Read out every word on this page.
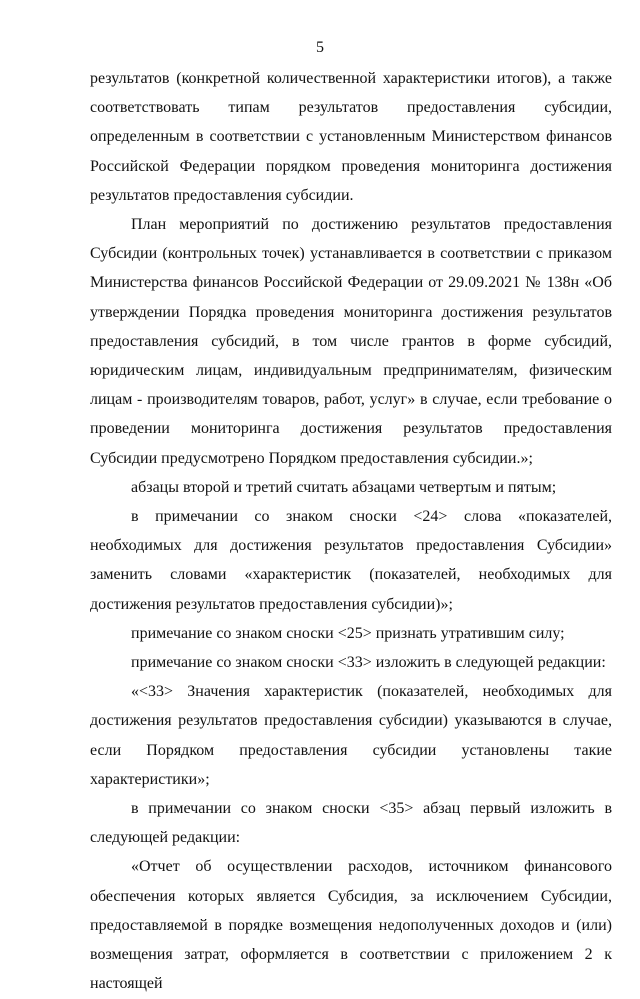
5

результатов (конкретной количественной характеристики итогов), а также соответствовать типам результатов предоставления субсидии, определенным в соответствии с установленным Министерством финансов Российской Федерации порядком проведения мониторинга достижения результатов предоставления субсидии.

План мероприятий по достижению результатов предоставления Субсидии (контрольных точек) устанавливается в соответствии с приказом Министерства финансов Российской Федерации от 29.09.2021 № 138н «Об утверждении Порядка проведения мониторинга достижения результатов предоставления субсидий, в том числе грантов в форме субсидий, юридическим лицам, индивидуальным предпринимателям, физическим лицам - производителям товаров, работ, услуг» в случае, если требование о проведении мониторинга достижения результатов предоставления Субсидии предусмотрено Порядком предоставления субсидии.»;

абзацы второй и третий считать абзацами четвертым и пятым;

в примечании со знаком сноски <24> слова «показателей, необходимых для достижения результатов предоставления Субсидии» заменить словами «характеристик (показателей, необходимых для достижения результатов предоставления субсидии)»;

примечание со знаком сноски <25> признать утратившим силу;

примечание со знаком сноски <33> изложить в следующей редакции:

«<33> Значения характеристик (показателей, необходимых для достижения результатов предоставления субсидии) указываются в случае, если Порядком предоставления субсидии установлены такие характеристики»;

в примечании со знаком сноски <35> абзац первый изложить в следующей редакции:

«Отчет об осуществлении расходов, источником финансового обеспечения которых является Субсидия, за исключением Субсидии, предоставляемой в порядке возмещения недополученных доходов и (или) возмещения затрат, оформляется в соответствии с приложением 2 к настоящей
